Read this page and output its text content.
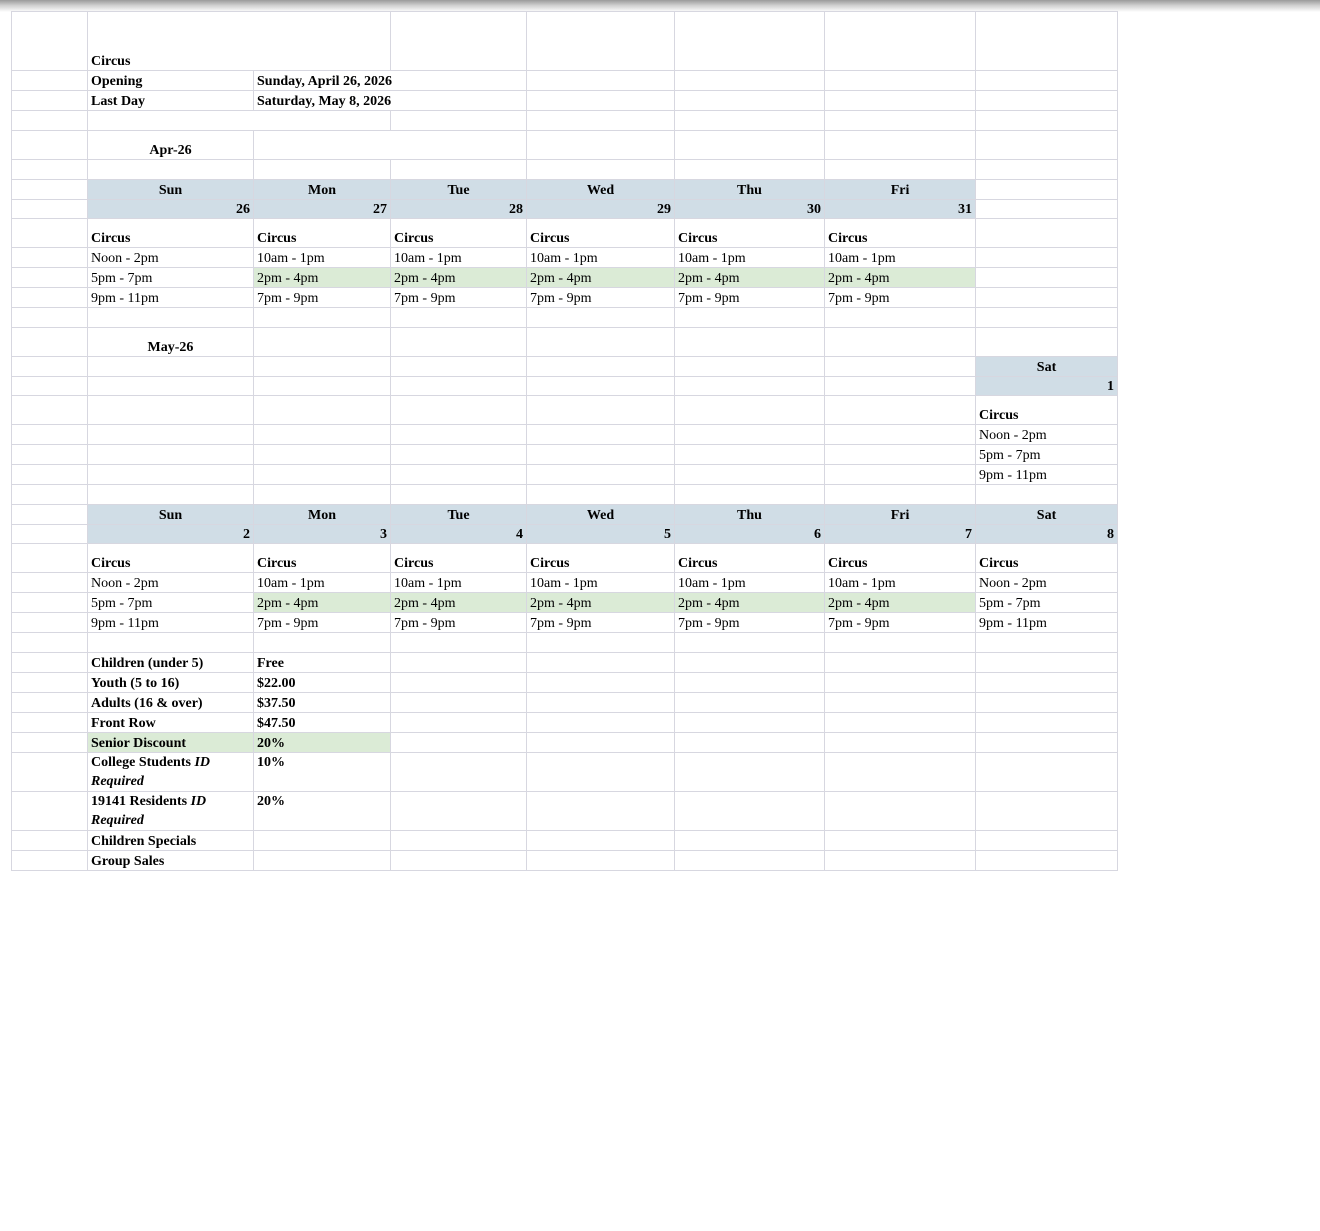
	Circus						
	Opening	Sunday, April 26, 2026					
	Last Day	Saturday, May 8, 2026					

	Apr-26						

	Sun	Mon	Tue	Wed	Thu	Fri	
	26	27	28	29	30	31	
	Circus	Circus	Circus	Circus	Circus	Circus	
	Noon - 2pm	10am - 1pm	10am - 1pm	10am - 1pm	10am - 1pm	10am - 1pm	
	5pm - 7pm	2pm - 4pm	2pm - 4pm	2pm - 4pm	2pm - 4pm	2pm - 4pm	
	9pm - 11pm	7pm - 9pm	7pm - 9pm	7pm - 9pm	7pm - 9pm	7pm - 9pm	

	May-26						
							Sat
							1
							Circus
							Noon - 2pm
							5pm - 7pm
							9pm - 11pm

	Sun	Mon	Tue	Wed	Thu	Fri	Sat
	2	3	4	5	6	7	8
	Circus	Circus	Circus	Circus	Circus	Circus	Circus
	Noon - 2pm	10am - 1pm	10am - 1pm	10am - 1pm	10am - 1pm	10am - 1pm	Noon - 2pm
	5pm - 7pm	2pm - 4pm	2pm - 4pm	2pm - 4pm	2pm - 4pm	2pm - 4pm	5pm - 7pm
	9pm - 11pm	7pm - 9pm	7pm - 9pm	7pm - 9pm	7pm - 9pm	7pm - 9pm	9pm - 11pm

	Children (under 5)	Free					
	Youth (5 to 16)	$22.00					
	Adults (16 & over)	$37.50					
	Front Row	$47.50					
	Senior Discount	20%					
	College Students ID Required	10%					
	19141 Residents ID Required	20%					
	Children Specials						
	Group Sales						
